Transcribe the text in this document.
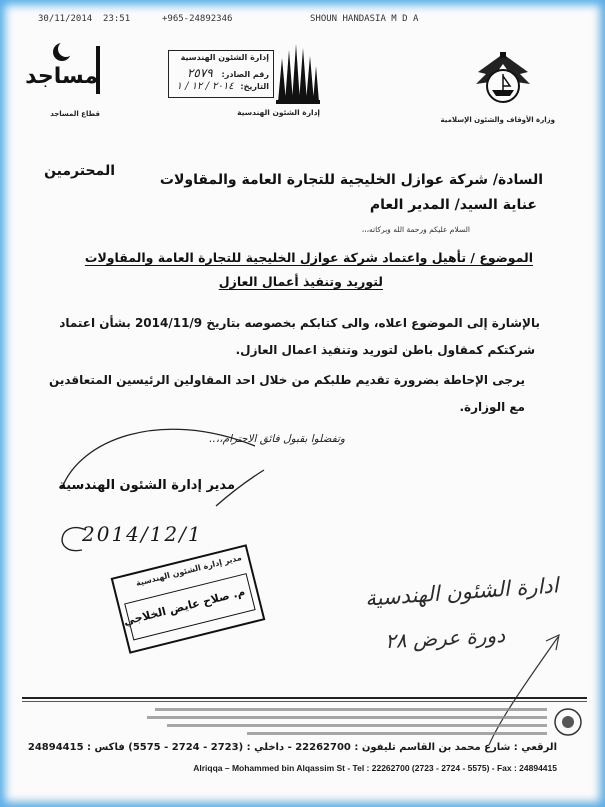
30/11/2014  23:51	+965-24892346	SHOUN HANDASIA M D A
مساجد
قطاع المساجد
إدارة الشئون الهندسية
رقم الصادر: ٢٥٧٩
التاريخ: ٢٠١٤ / ١٢ / ١
إدارة الشئون الهندسية
وزارة الأوقاف والشئون الإسلامية
المحترمين
السادة/ شركة عوازل الخليجية للتجارة العامة والمقاولات
عناية السيد/ المدير العام
السلام عليكم ورحمة الله وبركاته،،،
الموضوع / تأهيل واعتماد شركة عوازل الخليجية للتجارة العامة والمقاولات
لتوريد وتنفيذ أعمال العازل
بالإشارة إلى الموضوع اعلاه، والى كتابكم بخصوصه بتاريخ 2014/11/9 بشأن اعتماد
شركتكم كمقاول باطن لتوريد وتنفيذ اعمال العازل.
يرجى الإحاطة بضرورة تقديم طلبكم من خلال احد المقاولين الرئيسين المتعاقدين
مع الوزارة.
وتفضلوا بقبول فائق الاحترام،،..
مدير إدارة الشئون الهندسية
2014/12/1
مدير إدارة الشئون الهندسية
م. صلاح عايض الخلاجي	ادارة الشئون الهندسية
دورة عرض ٢٨
الرقعي : شارع محمد بن القاسم تليفون : 22262700 - داخلي : (2723 - 2724 - 5575) فاكس : 24894415
Alriqqa – Mohammed bin Alqassim St - Tel : 22262700 (2723 - 2724 - 5575) - Fax : 24894415
